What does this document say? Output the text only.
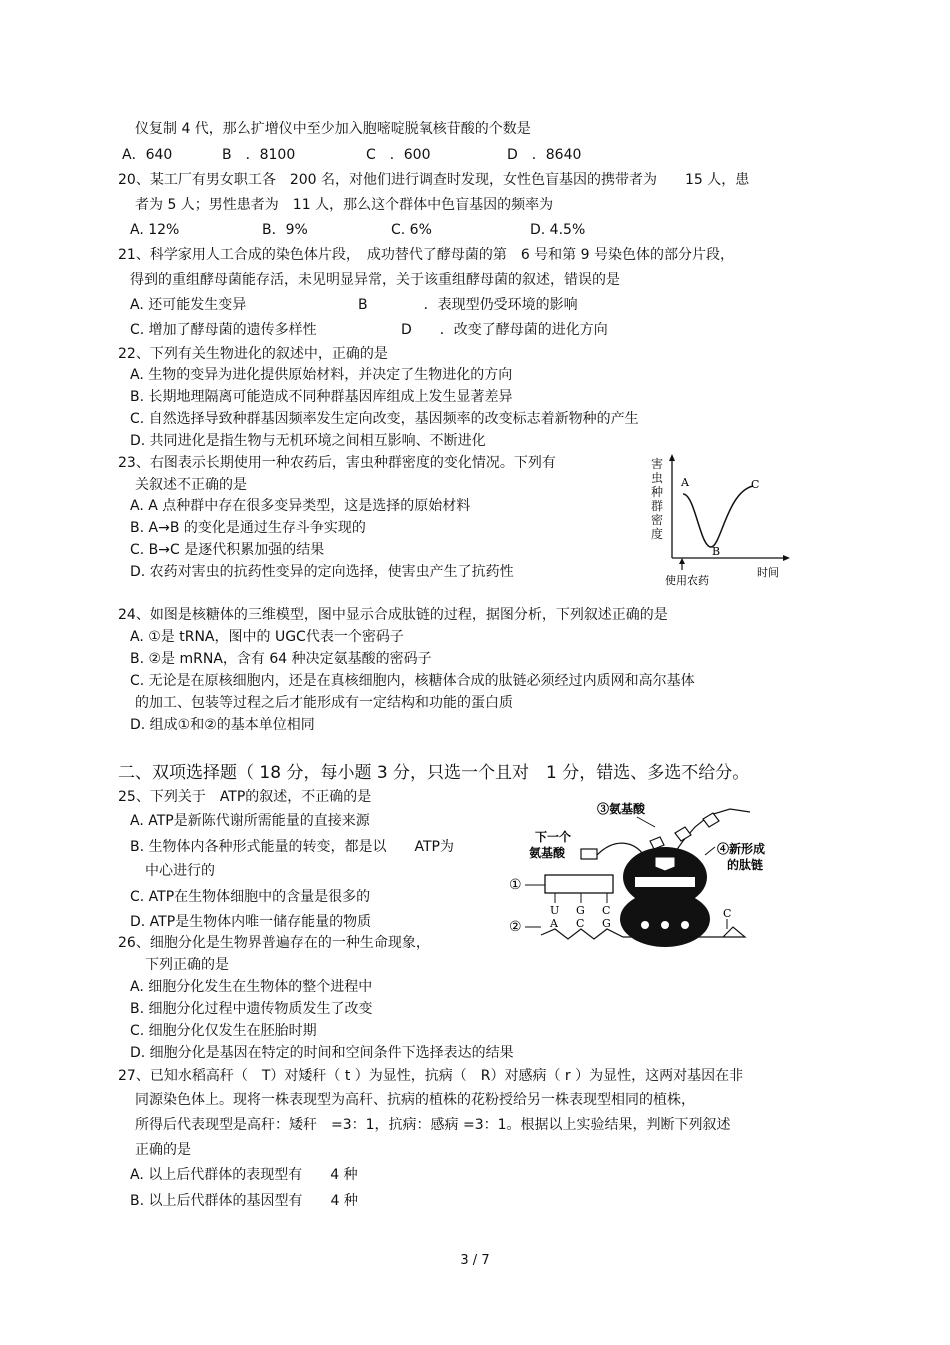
仪复制 4 代，那么扩增仪中至少加入胞嘧啶脱氧核苷酸的个数是
A．640	B　．8100	C　．600	D　．8640
20、某工厂有男女职工各　200 名，对他们进行调查时发现，女性色盲基因的携带者为　　15 人，患
者为 5 人；男性患者为　11 人，那么这个群体中色盲基因的频率为
A. 12%	B．9%	C. 6%	D. 4.5%
21、科学家用人工合成的染色体片段，　成功替代了酵母菌的第　6 号和第 9 号染色体的部分片段，
得到的重组酵母菌能存活，未见明显异常，关于该重组酵母菌的叙述，错误的是
A. 还可能发生变异	B　　　　．表现型仍受环境的影响
C. 增加了酵母菌的遗传多样性	D　　．改变了酵母菌的进化方向
22、下列有关生物进化的叙述中，正确的是
A. 生物的变异为进化提供原始材料，并决定了生物进化的方向
B. 长期地理隔离可能造成不同种群基因库组成上发生显著差异
C. 自然选择导致种群基因频率发生定向改变，基因频率的改变标志着新物种的产生
D. 共同进化是指生物与无机环境之间相互影响、不断进化
23、右图表示长期使用一种农药后，害虫种群密度的变化情况。下列有
关叙述不正确的是
A. A 点种群中存在很多变异类型，这是选择的原始材料
B. A→B 的变化是通过生存斗争实现的
C. B→C 是逐代积累加强的结果
D. 农药对害虫的抗药性变异的定向选择，使害虫产生了抗药性
害
虫
种
群
密
度
A
B
C
使用农药
时间
24、如图是核糖体的三维模型，图中显示合成肽链的过程，据图分析，下列叙述正确的是
A. ①是 tRNA，图中的 UGC代表一个密码子
B. ②是 mRNA，含有 64 种决定氨基酸的密码子
C. 无论是在原核细胞内，还是在真核细胞内，核糖体合成的肽链必须经过内质网和高尔基体
的加工、包装等过程之后才能形成有一定结构和功能的蛋白质
D. 组成①和②的基本单位相同
二、双项选择题（ 18 分，每小题 3 分，只选一个且对　1 分，错选、多选不给分。
25、下列关于　ATP的叙述，不正确的是
A. ATP是新陈代谢所需能量的直接来源
B. 生物体内各种形式能量的转变，都是以　　ATP为
中心进行的
C. ATP在生物体细胞中的含量是很多的
D. ATP是生物体内唯一储存能量的物质
③氨基酸
下一个
氨基酸	④新形成
的肽链
①
U G C
A C G
②
C
26、细胞分化是生物界普遍存在的一种生命现象，
下列正确的是
A. 细胞分化发生在生物体的整个进程中
B. 细胞分化过程中遗传物质发生了改变
C. 细胞分化仅发生在胚胎时期
D. 细胞分化是基因在特定的时间和空间条件下选择表达的结果
27、已知水稻高秆（　T）对矮秆（ t ）为显性，抗病（　R）对感病（ r ）为显性，这两对基因在非
同源染色体上。现将一株表现型为高秆、抗病的植株的花粉授给另一株表现型相同的植株，
所得后代表现型是高秆：矮秆　=3：1，抗病：感病 =3：1。根据以上实验结果，判断下列叙述
正确的是
A. 以上后代群体的表现型有　　4 种
B. 以上后代群体的基因型有　　4 种
3 / 7
